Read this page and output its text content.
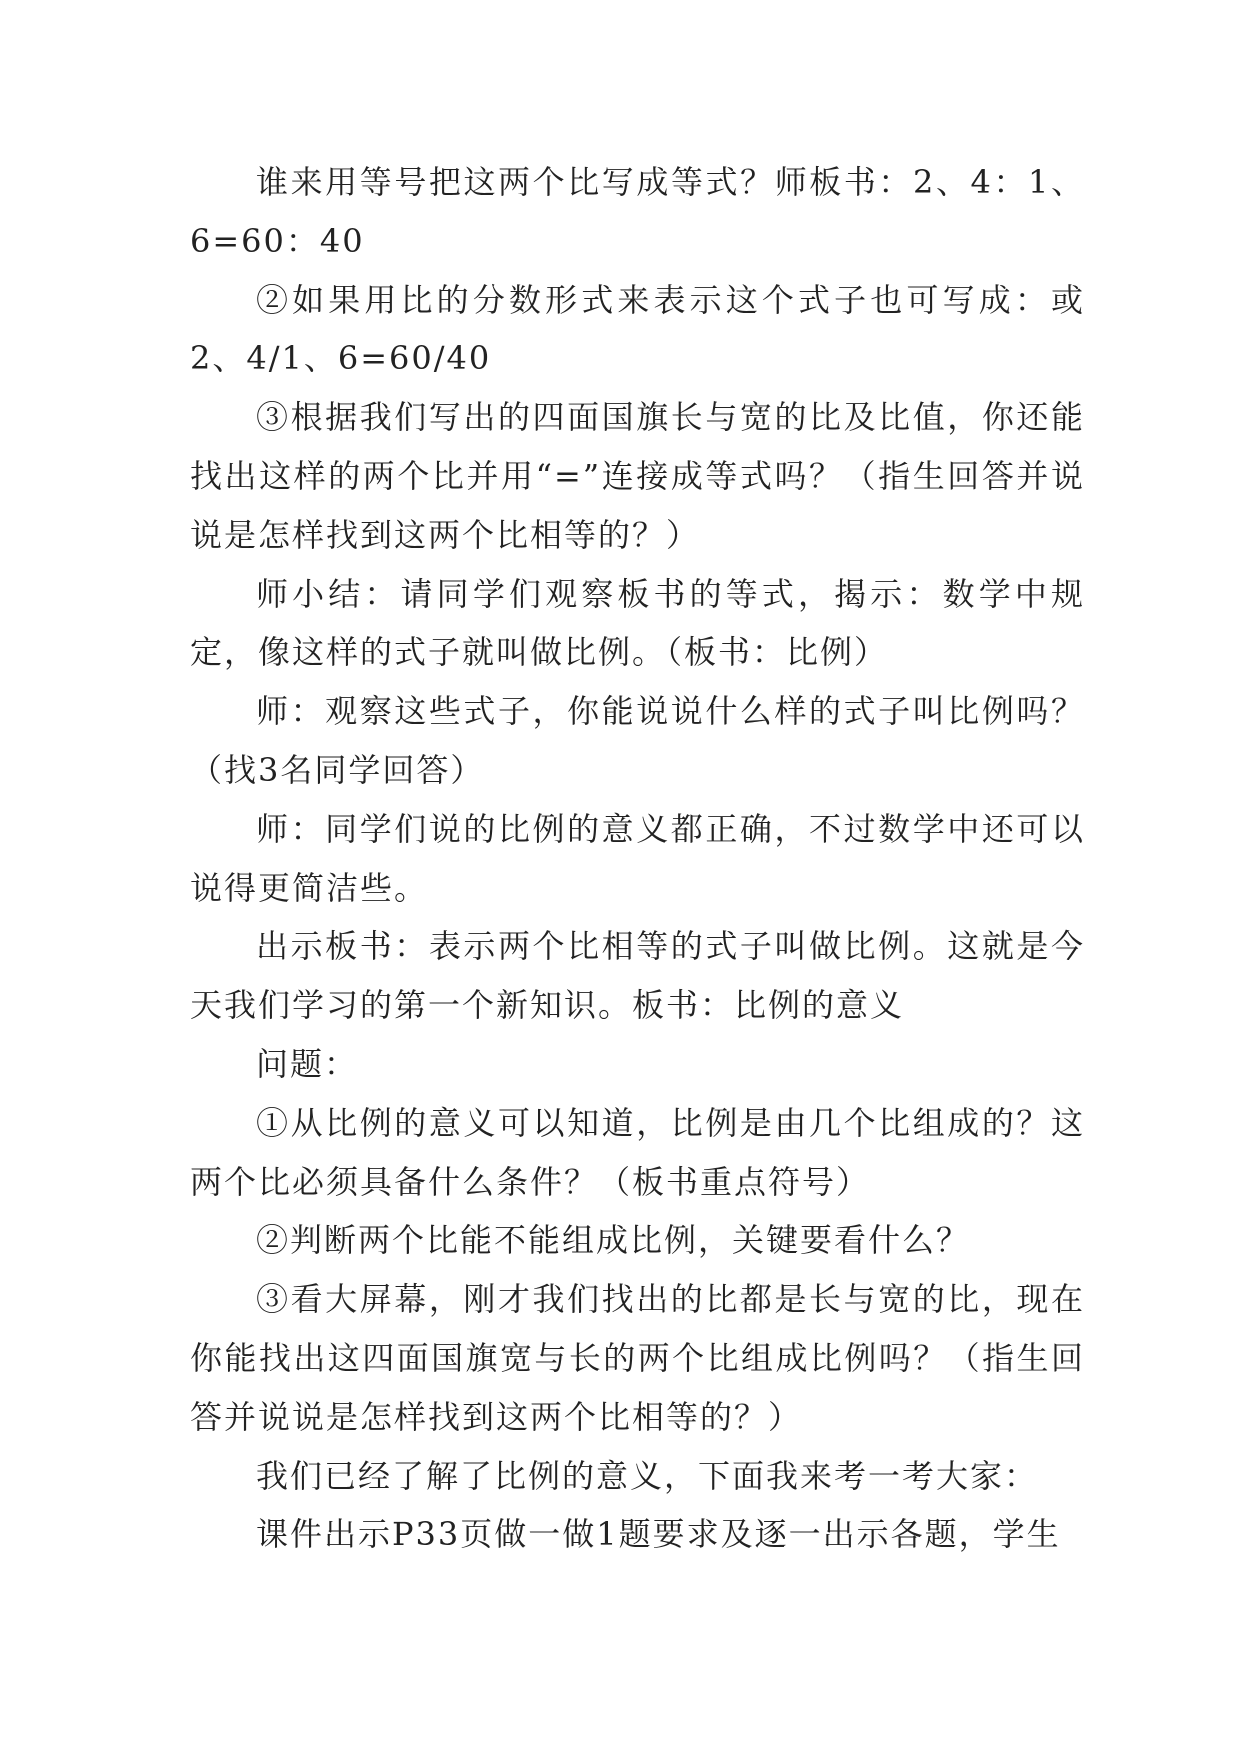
谁来用等号把这两个比写成等式？师板书：2、4：1、6=60：40

②如果用比的分数形式来表示这个式子也可写成：或2、4/1、6=60/40

③根据我们写出的四面国旗长与宽的比及比值，你还能找出这样的两个比并用“=”连接成等式吗？（指生回答并说说是怎样找到这两个比相等的？）

师小结：请同学们观察板书的等式，揭示：数学中规定，像这样的式子就叫做比例。（板书：比例）

师：观察这些式子，你能说说什么样的式子叫比例吗？（找3名同学回答）

师：同学们说的比例的意义都正确，不过数学中还可以说得更简洁些。

出示板书：表示两个比相等的式子叫做比例。这就是今天我们学习的第一个新知识。板书：比例的意义

问题：

①从比例的意义可以知道，比例是由几个比组成的？这两个比必须具备什么条件？（板书重点符号）

②判断两个比能不能组成比例，关键要看什么？

③看大屏幕，刚才我们找出的比都是长与宽的比，现在你能找出这四面国旗宽与长的两个比组成比例吗？（指生回答并说说是怎样找到这两个比相等的？）

我们已经了解了比例的意义，下面我来考一考大家：

课件出示P33页做一做1题要求及逐一出示各题，学生
